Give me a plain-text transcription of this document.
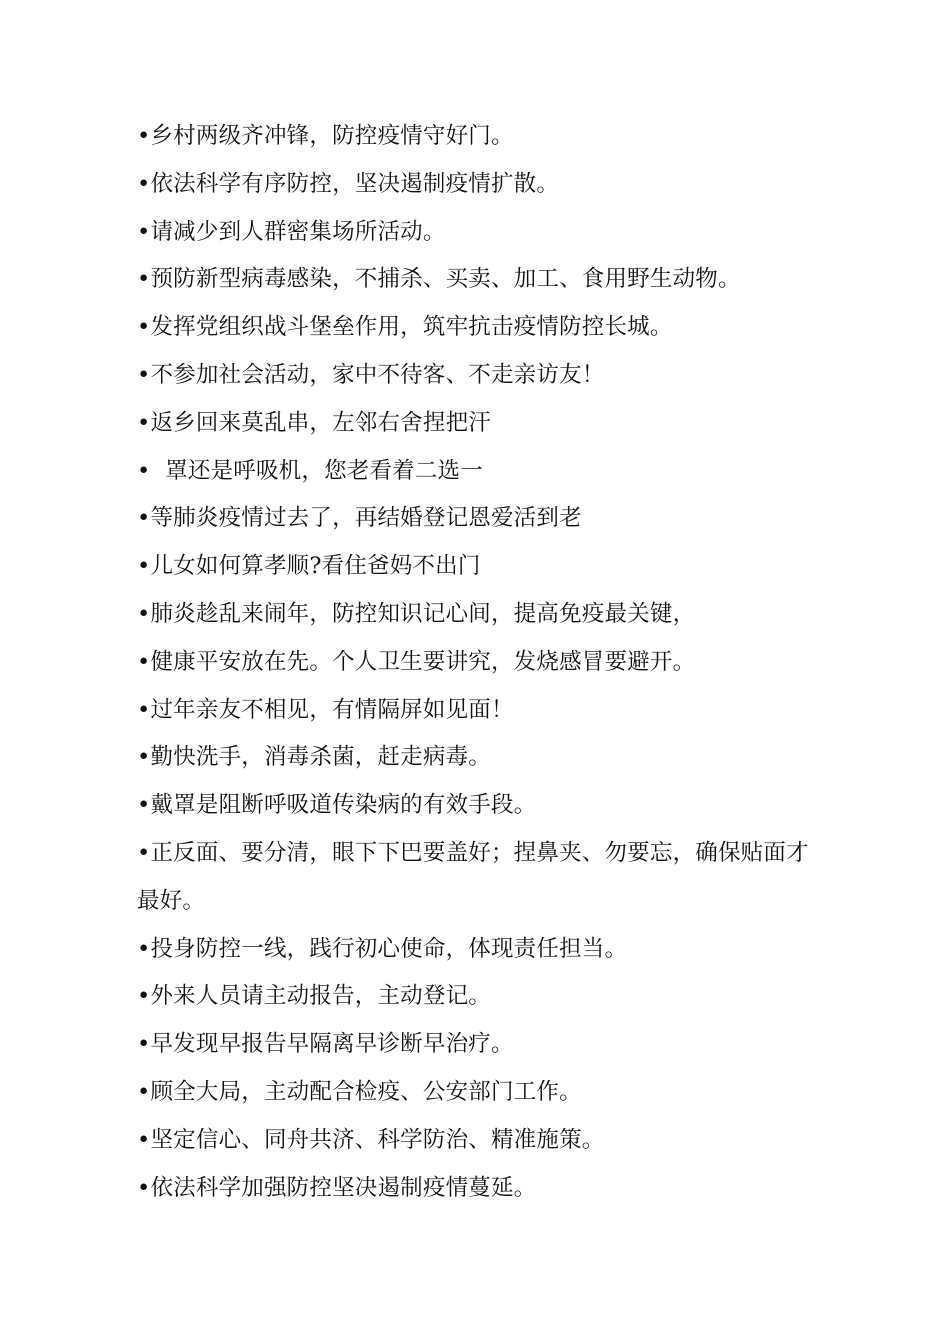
•乡村两级齐冲锋，防控疫情守好门。
•依法科学有序防控，坚决遏制疫情扩散。
•请减少到人群密集场所活动。
•预防新型病毒感染，不捕杀、买卖、加工、食用野生动物。
•发挥党组织战斗堡垒作用，筑牢抗击疫情防控长城。
•不参加社会活动，家中不待客、不走亲访友！
•返乡回来莫乱串，左邻右舍捏把汗
•  罩还是呼吸机，您老看着二选一
•等肺炎疫情过去了，再结婚登记恩爱活到老
•儿女如何算孝顺?看住爸妈不出门
•肺炎趁乱来闹年，防控知识记心间，提高免疫最关键，
•健康平安放在先。个人卫生要讲究，发烧感冒要避开。
•过年亲友不相见，有情隔屏如见面！
•勤快洗手，消毒杀菌，赶走病毒。
•戴罩是阻断呼吸道传染病的有效手段。
•正反面、要分清，眼下下巴要盖好；捏鼻夹、勿要忘，确保贴面才最好。
•投身防控一线，践行初心使命，体现责任担当。
•外来人员请主动报告，主动登记。
•早发现早报告早隔离早诊断早治疗。
•顾全大局，主动配合检疫、公安部门工作。
•坚定信心、同舟共济、科学防治、精准施策。
•依法科学加强防控坚决遏制疫情蔓延。
